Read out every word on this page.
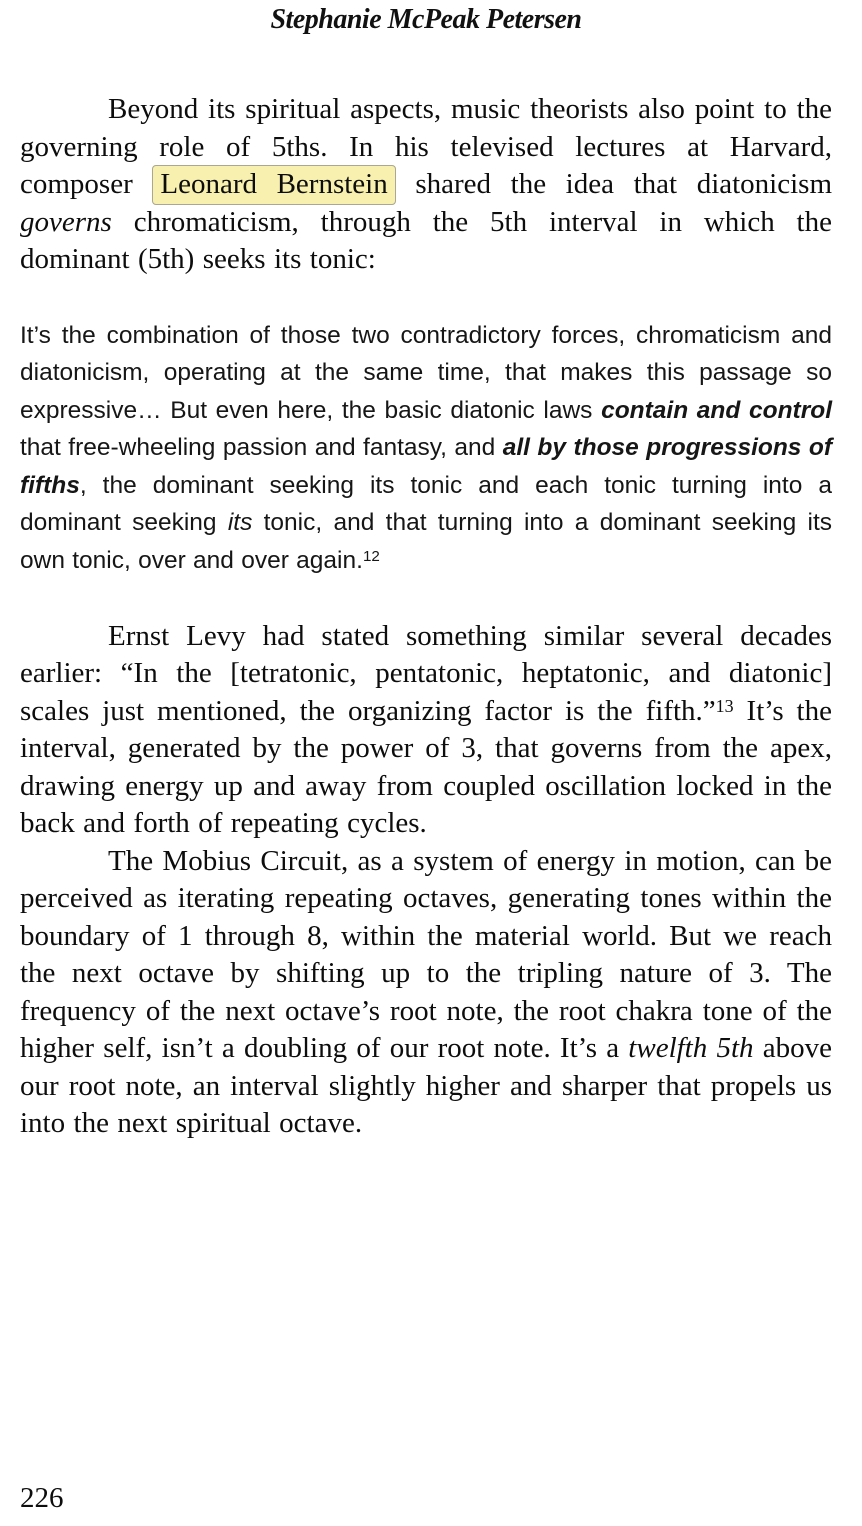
Stephanie McPeak Petersen

Beyond its spiritual aspects, music theorists also point to the governing role of 5ths. In his televised lectures at Harvard, composer Leonard Bernstein shared the idea that diatonicism governs chromaticism, through the 5th interval in which the dominant (5th) seeks its tonic:

It’s the combination of those two contradictory forces, chromaticism and diatonicism, operating at the same time, that makes this passage so expressive… But even here, the basic diatonic laws contain and control that free-wheeling passion and fantasy, and all by those progressions of fifths, the dominant seeking its tonic and each tonic turning into a dominant seeking its tonic, and that turning into a dominant seeking its own tonic, over and over again.$^{12}$

Ernst Levy had stated something similar several decades earlier: “In the [tetratonic, pentatonic, heptatonic, and diatonic] scales just mentioned, the organizing factor is the fifth.”$^{13}$ It’s the interval, generated by the power of 3, that governs from the apex, drawing energy up and away from coupled oscillation locked in the back and forth of repeating cycles.

The Mobius Circuit, as a system of energy in motion, can be perceived as iterating repeating octaves, generating tones within the boundary of 1 through 8, within the material world. But we reach the next octave by shifting up to the tripling nature of 3. The frequency of the next octave’s root note, the root chakra tone of the higher self, isn’t a doubling of our root note. It’s a twelfth 5th above our root note, an interval slightly higher and sharper that propels us into the next spiritual octave.

226
